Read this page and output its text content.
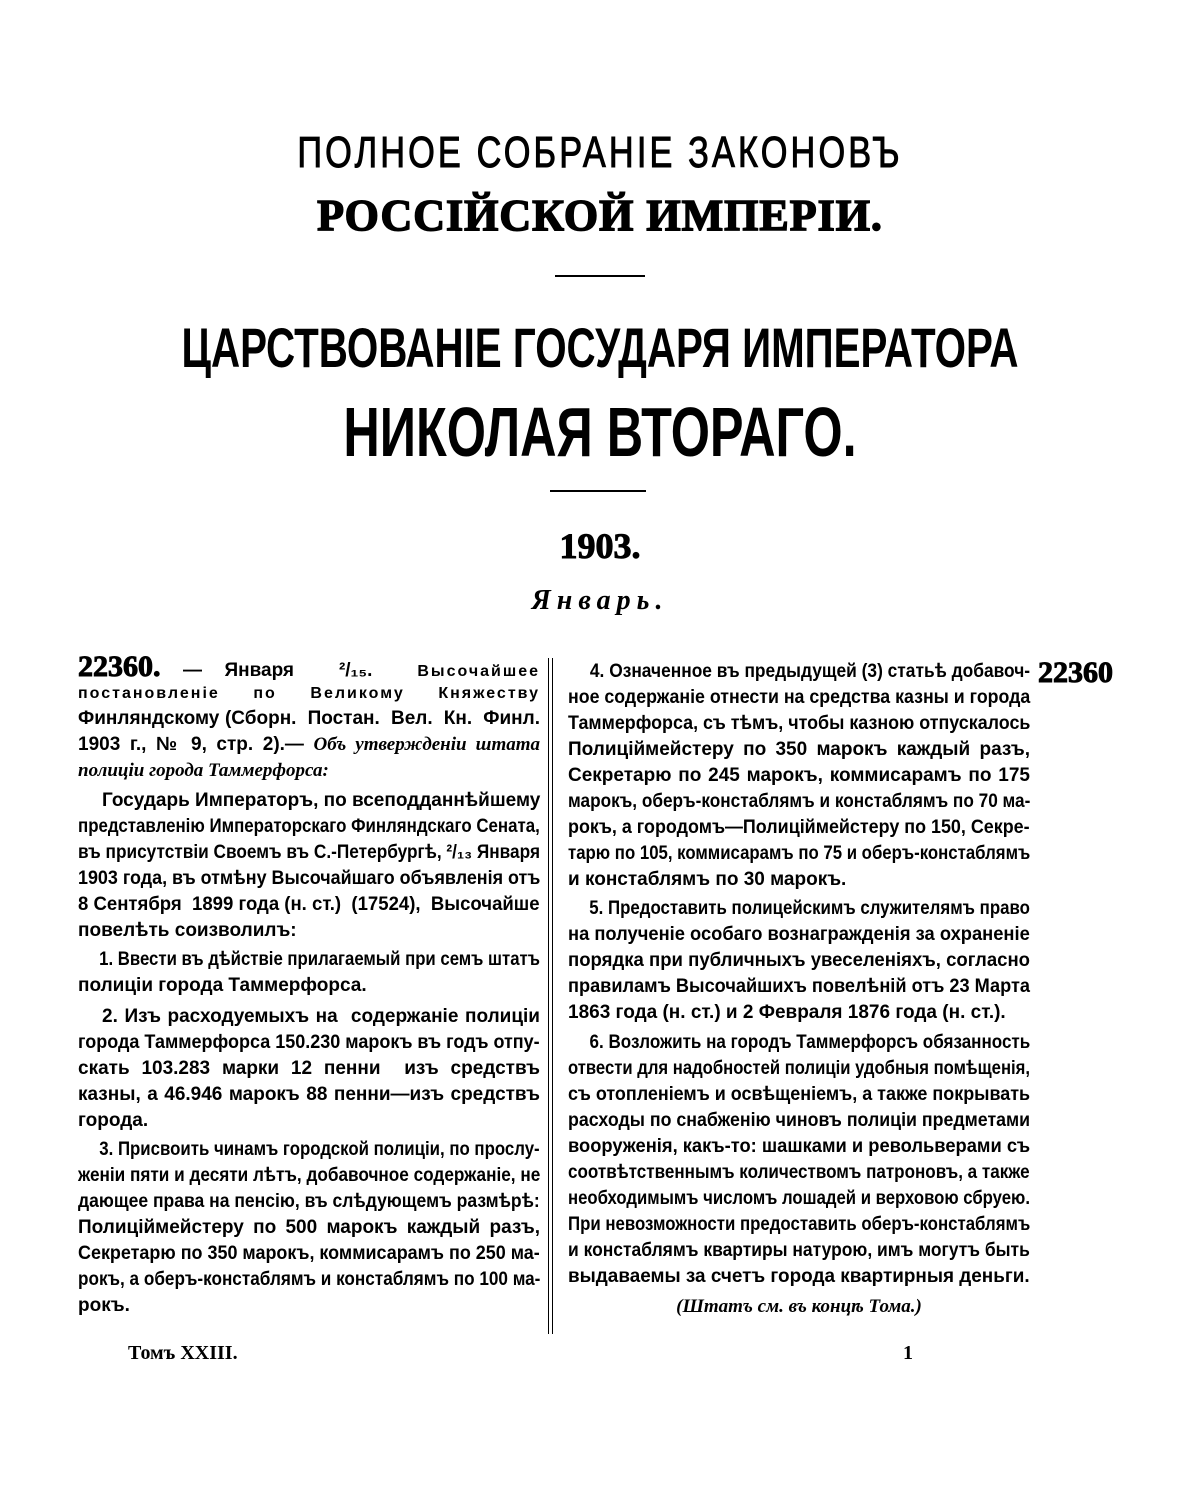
ПОЛНОЕ СОБРАНІЕ ЗАКОНОВЪ
РОССІЙСКОЙ ИМПЕРІИ.
ЦАРСТВОВАНІЕ ГОСУДАРЯ ИМПЕРАТОРА
НИКОЛАЯ ВТОРАГО.
1903.
Январь.
22360. — Января  ²/₁₅.  Высочайшее
постановленіе  по  Великому  Княжеству
Финляндскому (Сборн.  Постан.  Вел.  Кн.  Финл.
1903 г., № 9, стр. 2).— Объ утвержденіи штата
полиціи города Таммерфорса:
Государь Императоръ, по всеподданнѣйшему
представленію Императорскаго Финляндскаго Сената,
въ присутствіи Своемъ въ С.-Петербургѣ, ²/₁₃ Января
1903 года, въ отмѣну Высочайшаго объявленія отъ
8 Сентября  1899 года (н. ст.)  (17524),  Высочайше
повелѣть соизволилъ:
1. Ввести въ дѣйствіе прилагаемый при семъ штатъ
полиціи города Таммерфорса.
2. Изъ расходуемыхъ на  содержаніе полиціи
города Таммерфорса 150.230 марокъ въ годъ отпу-
скать 103.283 марки 12 пенни  изъ средствъ
казны, а 46.946 марокъ 88 пенни—изъ средствъ
города.
3. Присвоить чинамъ городской полиціи, по прослу-
женіи пяти и десяти лѣтъ, добавочное содержаніе, не
дающее права на пенсію, въ слѣдующемъ размѣрѣ:
Полиціймейстеру по 500 марокъ каждый разъ,
Секретарю по 350 марокъ, коммисарамъ по 250 ма-
рокъ, а оберъ-констаблямъ и констаблямъ по 100 ма-
рокъ.
4. Означенное въ предыдущей (3) статьѣ добавоч-
ное содержаніе отнести на средства казны и города
Таммерфорса, съ тѣмъ, чтобы казною отпускалось
Полиціймейстеру по 350 марокъ каждый разъ,
Секретарю по 245 марокъ, коммисарамъ по 175
марокъ, оберъ-констаблямъ и констаблямъ по 70 ма-
рокъ, а городомъ—Полиціймейстеру по 150, Секре-
тарю по 105, коммисарамъ по 75 и оберъ-констаблямъ
и констаблямъ по 30 марокъ.
5. Предоставить полицейскимъ служителямъ право
на полученіе особаго вознагражденія за охраненіе
порядка при публичныхъ увеселеніяхъ, согласно
правиламъ Высочайшихъ повелѣній отъ 23 Марта
1863 года (н. ст.) и 2 Февраля 1876 года (н. ст.).
6. Возложить на городъ Таммерфорсъ обязанность
отвести для надобностей полиціи удобныя помѣщенія,
съ отопленіемъ и освѣщеніемъ, а также покрывать
расходы по снабженію чиновъ полиціи предметами
вооруженія, какъ-то: шашками и револьверами съ
соотвѣтственнымъ количествомъ патроновъ, а также
необходимымъ числомъ лошадей и верховою сбруею.
При невозможности предоставить оберъ-констаблямъ
и констаблямъ квартиры натурою, имъ могутъ быть
выдаваемы за счетъ города квартирныя деньги.
22360
(Штатъ см. въ концѣ Тома.)
Томъ XXIII.	1
